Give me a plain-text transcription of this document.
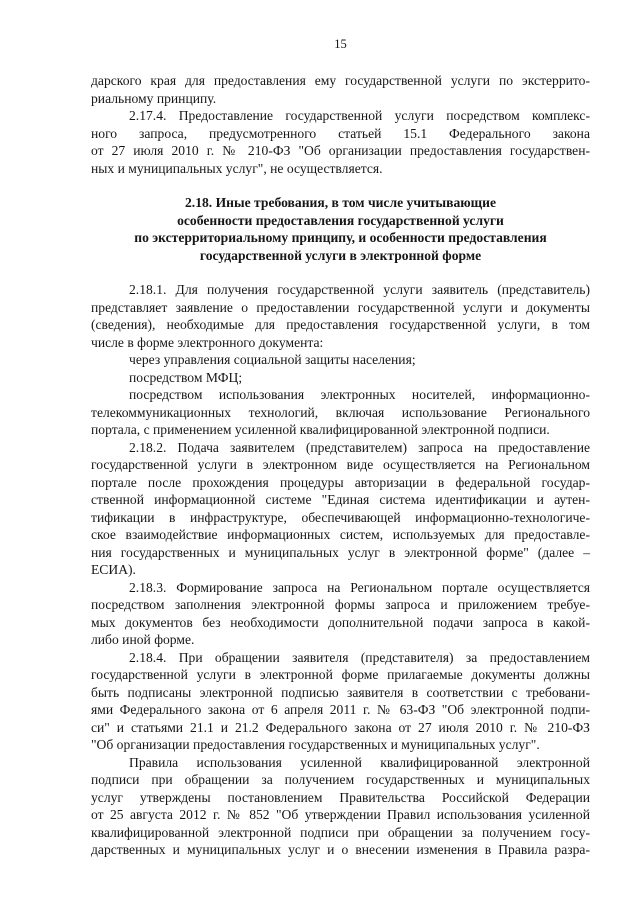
15
дарского края для предоставления ему государственной услуги по экстеррито-
риальному принципу.
2.17.4. Предоставление государственной услуги посредством комплекс-
ного запроса, предусмотренного статьей 15.1 Федерального закона
от 27 июля 2010 г. № 210-ФЗ "Об организации предоставления государствен-
ных и муниципальных услуг", не осуществляется.
2.18. Иные требования, в том числе учитывающие
особенности предоставления государственной услуги
по экстерриториальному принципу, и особенности предоставления
государственной услуги в электронной форме
2.18.1. Для получения государственной услуги заявитель (представитель)
представляет заявление о предоставлении государственной услуги и документы
(сведения), необходимые для предоставления государственной услуги, в том
числе в форме электронного документа:
через управления социальной защиты населения;
посредством МФЦ;
посредством использования электронных носителей, информационно-
телекоммуникационных технологий, включая использование Регионального
портала, с применением усиленной квалифицированной электронной подписи.
2.18.2. Подача заявителем (представителем) запроса на предоставление
государственной услуги в электронном виде осуществляется на Региональном
портале после прохождения процедуры авторизации в федеральной государ-
ственной информационной системе "Единая система идентификации и аутен-
тификации в инфраструктуре, обеспечивающей информационно-технологиче-
ское взаимодействие информационных систем, используемых для предоставле-
ния государственных и муниципальных услуг в электронной форме" (далее –
ЕСИА).
2.18.3. Формирование запроса на Региональном портале осуществляется
посредством заполнения электронной формы запроса и приложением требуе-
мых документов без необходимости дополнительной подачи запроса в какой-
либо иной форме.
2.18.4. При обращении заявителя (представителя) за предоставлением
государственной услуги в электронной форме прилагаемые документы должны
быть подписаны электронной подписью заявителя в соответствии с требовани-
ями Федерального закона от 6 апреля 2011 г. № 63-ФЗ "Об электронной подпи-
си" и статьями 21.1 и 21.2 Федерального закона от 27 июля 2010 г. № 210-ФЗ
"Об организации предоставления государственных и муниципальных услуг".
Правила использования усиленной квалифицированной электронной
подписи при обращении за получением государственных и муниципальных
услуг утверждены постановлением Правительства Российской Федерации
от 25 августа 2012 г. № 852 "Об утверждении Правил использования усиленной
квалифицированной электронной подписи при обращении за получением госу-
дарственных и муниципальных услуг и о внесении изменения в Правила разра-
